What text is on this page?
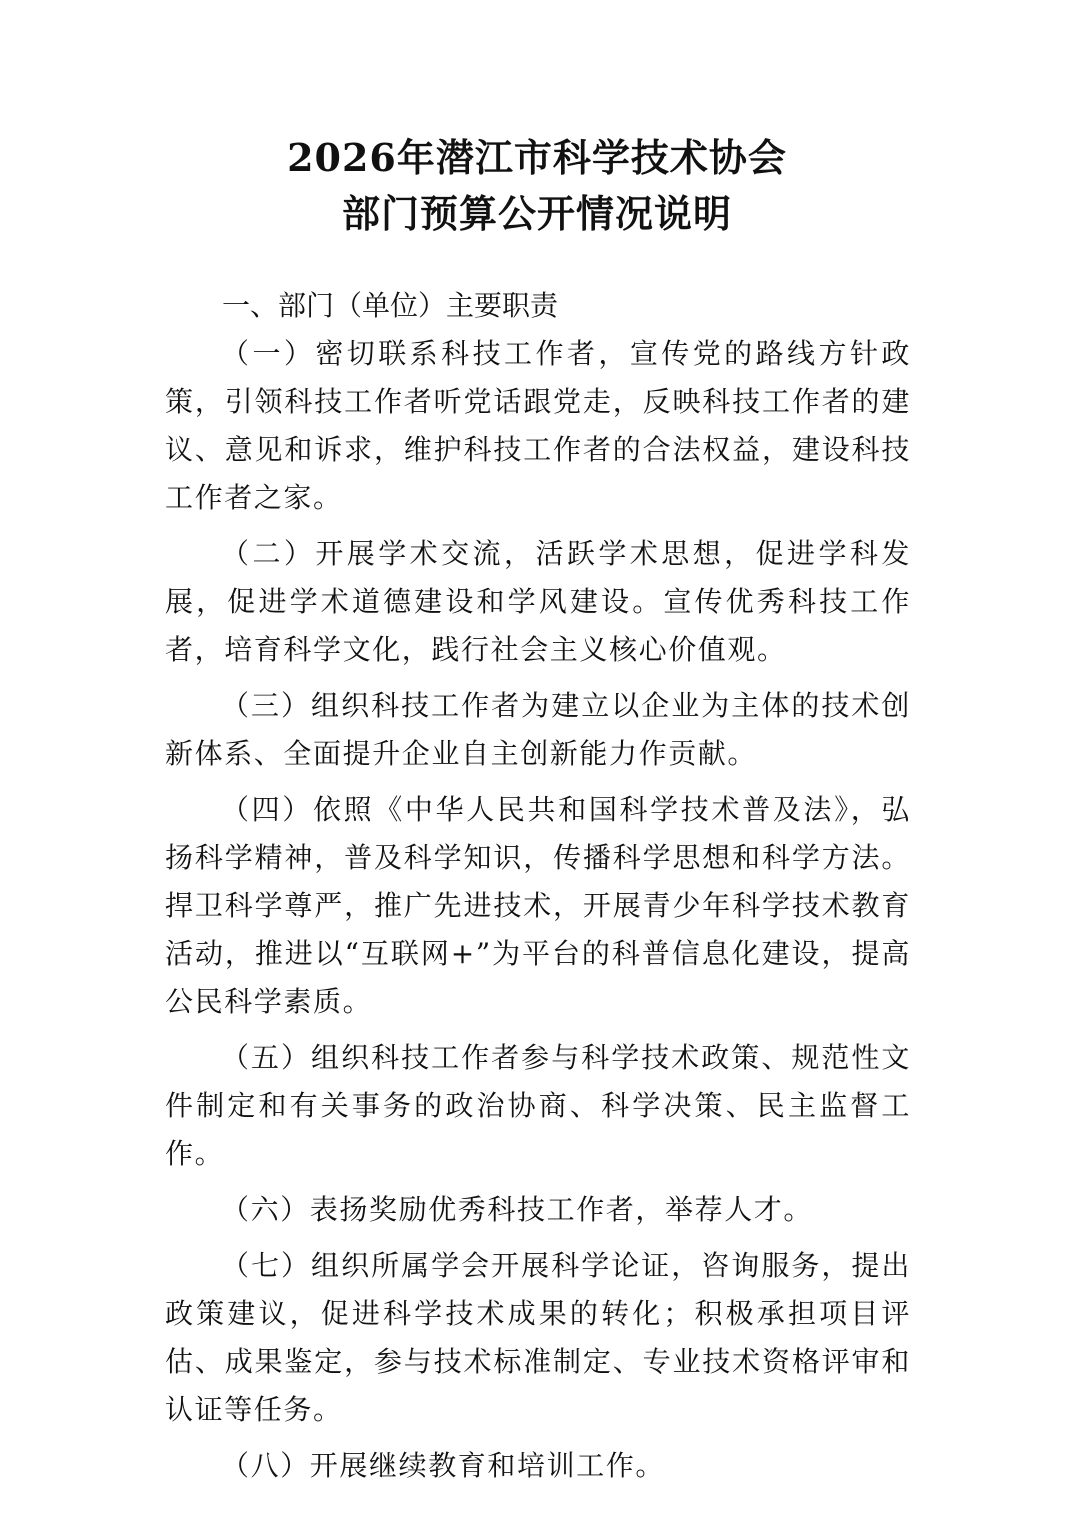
2026年潜江市科学技术协会
部门预算公开情况说明
一、部门（单位）主要职责

（一）密切联系科技工作者，宣传党的路线方针政策，引领科技工作者听党话跟党走，反映科技工作者的建议、意见和诉求，维护科技工作者的合法权益，建设科技工作者之家。

（二）开展学术交流，活跃学术思想，促进学科发展，促进学术道德建设和学风建设。宣传优秀科技工作者，培育科学文化，践行社会主义核心价值观。

（三）组织科技工作者为建立以企业为主体的技术创新体系、全面提升企业自主创新能力作贡献。

（四）依照《中华人民共和国科学技术普及法》，弘扬科学精神，普及科学知识，传播科学思想和科学方法。捍卫科学尊严，推广先进技术，开展青少年科学技术教育活动，推进以“互联网+”为平台的科普信息化建设，提高公民科学素质。

（五）组织科技工作者参与科学技术政策、规范性文件制定和有关事务的政治协商、科学决策、民主监督工作。

（六）表扬奖励优秀科技工作者，举荐人才。

（七）组织所属学会开展科学论证，咨询服务，提出政策建议，促进科学技术成果的转化；积极承担项目评估、成果鉴定，参与技术标准制定、专业技术资格评审和认证等任务。

（八）开展继续教育和培训工作。
